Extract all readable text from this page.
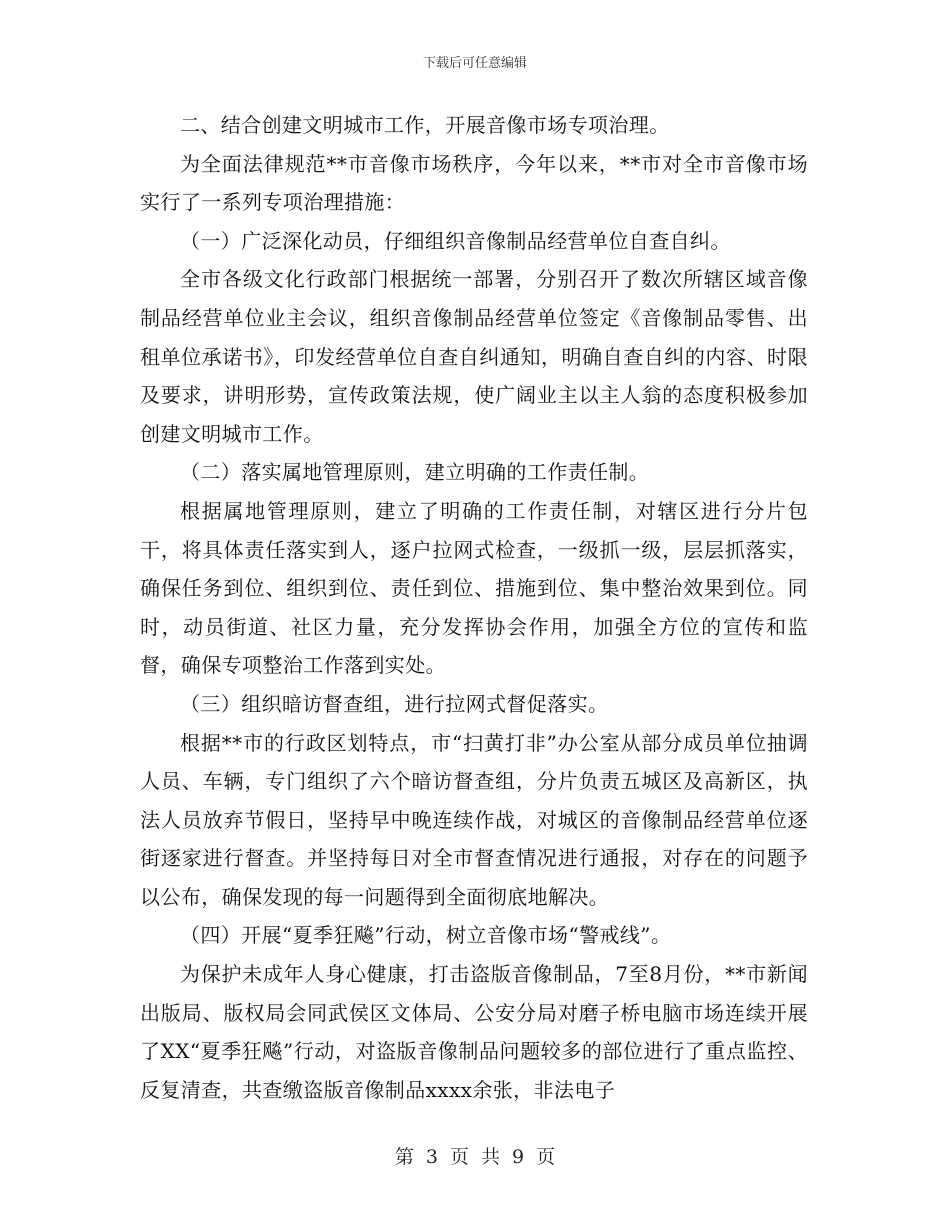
下载后可任意编辑

二、结合创建文明城市工作，开展音像市场专项治理。

为全面法律规范**市音像市场秩序，今年以来，**市对全市音像市场实行了一系列专项治理措施：

（一）广泛深化动员，仔细组织音像制品经营单位自查自纠。

全市各级文化行政部门根据统一部署，分别召开了数次所辖区域音像制品经营单位业主会议，组织音像制品经营单位签定《音像制品零售、出租单位承诺书》，印发经营单位自查自纠通知，明确自查自纠的内容、时限及要求，讲明形势，宣传政策法规，使广阔业主以主人翁的态度积极参加创建文明城市工作。

（二）落实属地管理原则，建立明确的工作责任制。

根据属地管理原则，建立了明确的工作责任制，对辖区进行分片包干，将具体责任落实到人，逐户拉网式检查，一级抓一级，层层抓落实，确保任务到位、组织到位、责任到位、措施到位、集中整治效果到位。同时，动员街道、社区力量，充分发挥协会作用，加强全方位的宣传和监督，确保专项整治工作落到实处。

（三）组织暗访督查组，进行拉网式督促落实。

根据**市的行政区划特点，市“扫黄打非”办公室从部分成员单位抽调人员、车辆，专门组织了六个暗访督查组，分片负责五城区及高新区，执法人员放弃节假日，坚持早中晚连续作战，对城区的音像制品经营单位逐街逐家进行督查。并坚持每日对全市督查情况进行通报，对存在的问题予以公布，确保发现的每一问题得到全面彻底地解决。

（四）开展“夏季狂飚”行动，树立音像市场“警戒线”。

为保护未成年人身心健康，打击盗版音像制品，7至8月份，**市新闻出版局、版权局会同武侯区文体局、公安分局对磨子桥电脑市场连续开展了XX“夏季狂飚”行动，对盗版音像制品问题较多的部位进行了重点监控、反复清查，共查缴盗版音像制品xxxx余张，非法电子

第 3 页 共 9 页
